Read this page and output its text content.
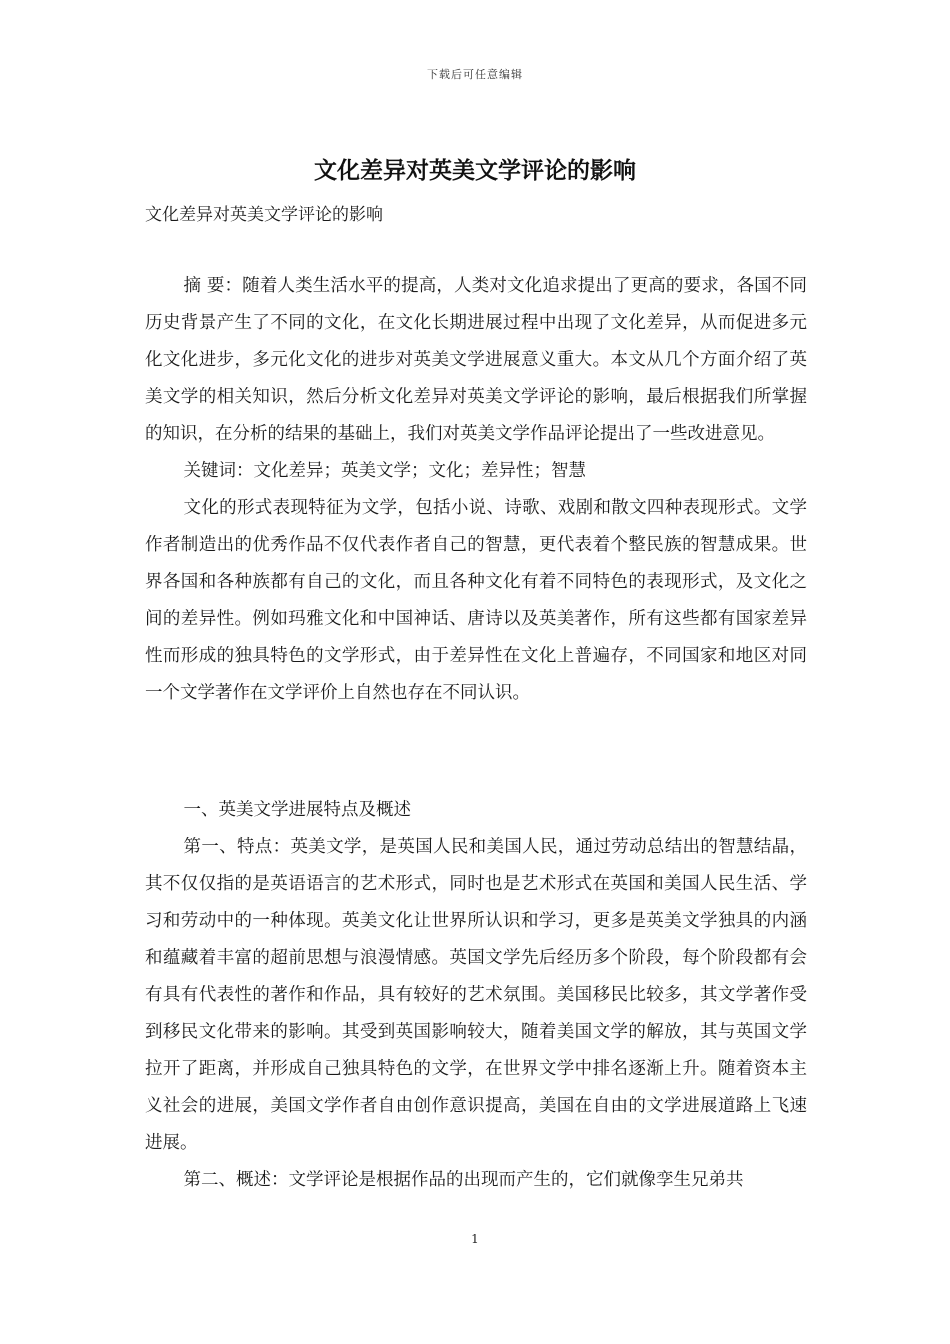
下载后可任意编辑
文化差异对英美文学评论的影响
文化差异对英美文学评论的影响

摘 要：随着人类生活水平的提高，人类对文化追求提出了更高的要求，各国不同历史背景产生了不同的文化，在文化长期进展过程中出现了文化差异，从而促进多元化文化进步，多元化文化的进步对英美文学进展意义重大。本文从几个方面介绍了英美文学的相关知识，然后分析文化差异对英美文学评论的影响，最后根据我们所掌握的知识，在分析的结果的基础上，我们对英美文学作品评论提出了一些改进意见。

关键词：文化差异；英美文学；文化；差异性；智慧

文化的形式表现特征为文学，包括小说、诗歌、戏剧和散文四种表现形式。文学作者制造出的优秀作品不仅代表作者自己的智慧，更代表着个整民族的智慧成果。世界各国和各种族都有自己的文化，而且各种文化有着不同特色的表现形式，及文化之间的差异性。例如玛雅文化和中国神话、唐诗以及英美著作，所有这些都有国家差异性而形成的独具特色的文学形式，由于差异性在文化上普遍存，不同国家和地区对同一个文学著作在文学评价上自然也存在不同认识。

一、英美文学进展特点及概述

第一、特点：英美文学，是英国人民和美国人民，通过劳动总结出的智慧结晶，其不仅仅指的是英语语言的艺术形式，同时也是艺术形式在英国和美国人民生活、学习和劳动中的一种体现。英美文化让世界所认识和学习，更多是英美文学独具的内涵和蕴藏着丰富的超前思想与浪漫情感。英国文学先后经历多个阶段，每个阶段都有会有具有代表性的著作和作品，具有较好的艺术氛围。美国移民比较多，其文学著作受到移民文化带来的影响。其受到英国影响较大，随着美国文学的解放，其与英国文学拉开了距离，并形成自己独具特色的文学，在世界文学中排名逐渐上升。随着资本主义社会的进展，美国文学作者自由创作意识提高，美国在自由的文学进展道路上飞速进展。

第二、概述：文学评论是根据作品的出现而产生的，它们就像孪生兄弟共

1
